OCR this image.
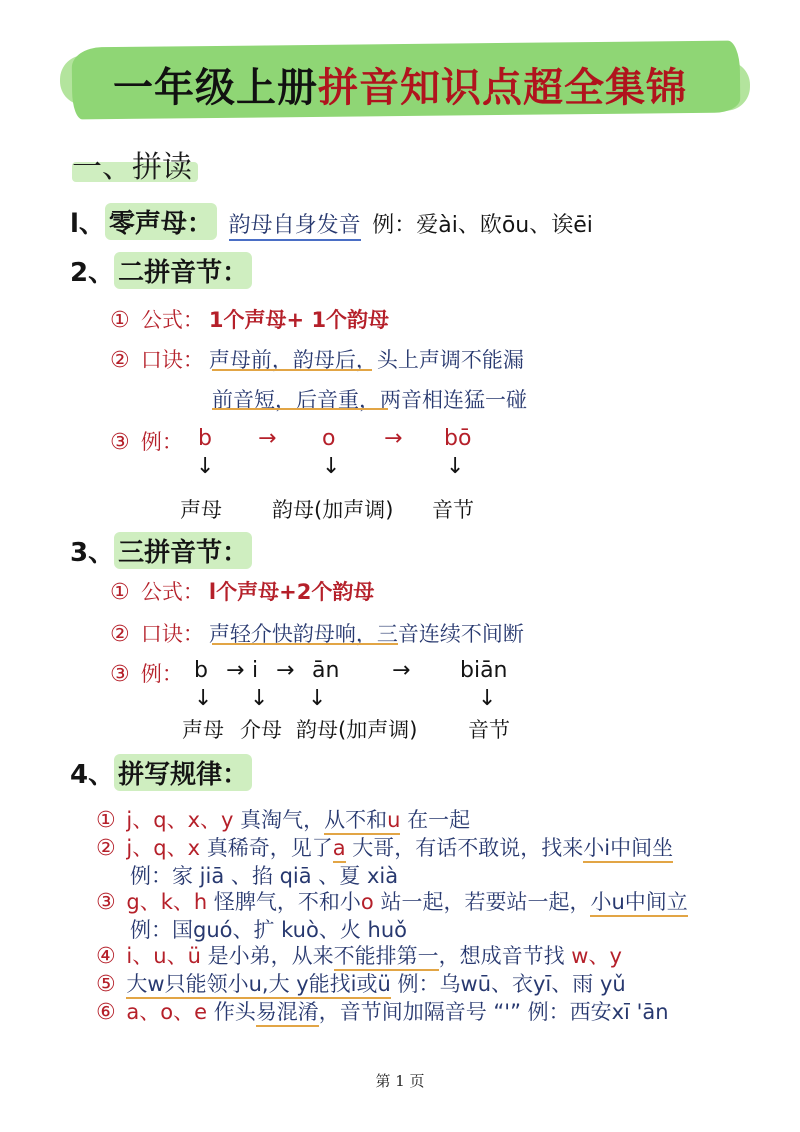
一年级上册拼音知识点超全集锦
一、拼读
l、 零声母： 韵母自身发音 例：爱ài、欧ōu、诶ēi
2、 二拼音节：
① 公式： 1个声母+ 1个韵母
② 口诀： 声母前，韵母后，头上声调不能漏
前音短，后音重，两音相连猛一碰
③ 例： b → o → bō
↓	↓	↓
声母 韵母(加声调) 音节
3、 三拼音节：
① 公式： l个声母+2个韵母
② 口诀： 声轻介快韵母响，三音连续不间断
③ 例： b → i → ān → biān
↓ ↓ ↓	↓
声母 介母 韵母(加声调) 音节
4、 拼写规律：
① j、q、x、y 真淘气，从不和u 在一起
② j、q、x 真稀奇，见了a 大哥，有话不敢说，找来小i中间坐
例：家 jiā 、掐 qiā 、夏 xià
③ g、k、h 怪脾气，不和小o 站一起，若要站一起，小u中间立
例：国guó、扩 kuò、火 huǒ
④ i、u、ü 是小弟，从来不能排第一，想成音节找 w、y
⑤ 大w只能领小u,大 y能找i或ü 例：乌wū、衣yī、雨 yǔ
⑥ a、o、e 作头易混淆，音节间加隔音号 “'” 例：西安xī 'ān
第 1 页
